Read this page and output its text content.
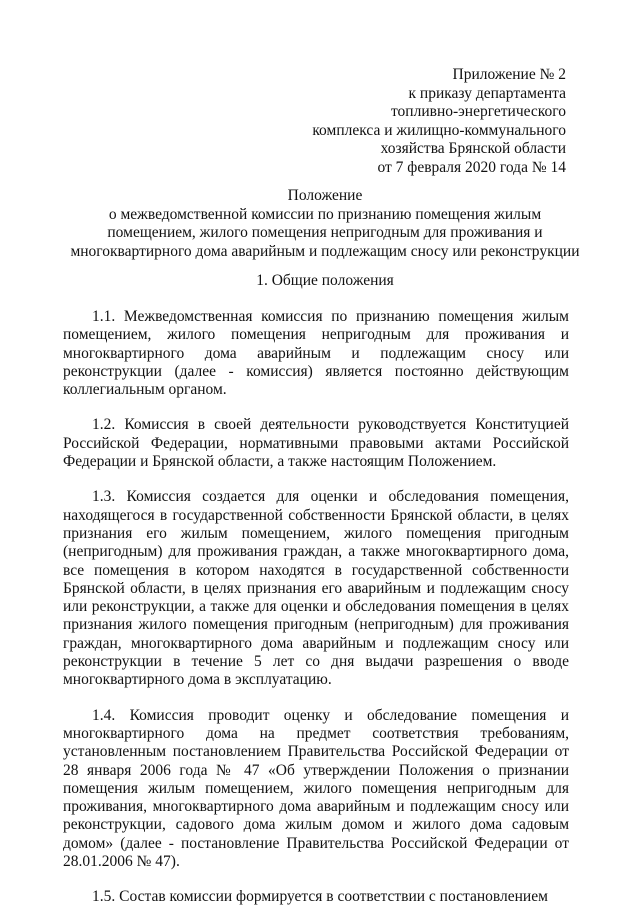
Приложение № 2
к приказу департамента
топливно-энергетического
комплекса и жилищно-коммунального
хозяйства Брянской области
от 7 февраля 2020 года № 14
Положение
о межведомственной комиссии по признанию помещения жилым
помещением, жилого помещения непригодным для проживания и
многоквартирного дома аварийным и подлежащим сносу или реконструкции
1. Общие положения

1.1. Межведомственная комиссия по признанию помещения жилым помещением, жилого помещения непригодным для проживания и многоквартирного дома аварийным и подлежащим сносу или реконструкции (далее - комиссия) является постоянно действующим коллегиальным органом.

1.2. Комиссия в своей деятельности руководствуется Конституцией Российской Федерации, нормативными правовыми актами Российской Федерации и Брянской области, а также настоящим Положением.

1.3. Комиссия создается для оценки и обследования помещения, находящегося в государственной собственности Брянской области, в целях признания его жилым помещением, жилого помещения пригодным (непригодным) для проживания граждан, а также многоквартирного дома, все помещения в котором находятся в государственной собственности Брянской области, в целях признания его аварийным и подлежащим сносу или реконструкции, а также для оценки и обследования помещения в целях признания жилого помещения пригодным (непригодным) для проживания граждан, многоквартирного дома аварийным и подлежащим сносу или реконструкции в течение 5 лет со дня выдачи разрешения о вводе многоквартирного дома в эксплуатацию.

1.4. Комиссия проводит оценку и обследование помещения и многоквартирного дома на предмет соответствия требованиям, установленным постановлением Правительства Российской Федерации от 28 января 2006 года № 47 «Об утверждении Положения о признании помещения жилым помещением, жилого помещения непригодным для проживания, многоквартирного дома аварийным и подлежащим сносу или реконструкции, садового дома жилым домом и жилого дома садовым домом» (далее - постановление Правительства Российской Федерации от 28.01.2006 № 47).

1.5. Состав комиссии формируется в соответствии с постановлением
